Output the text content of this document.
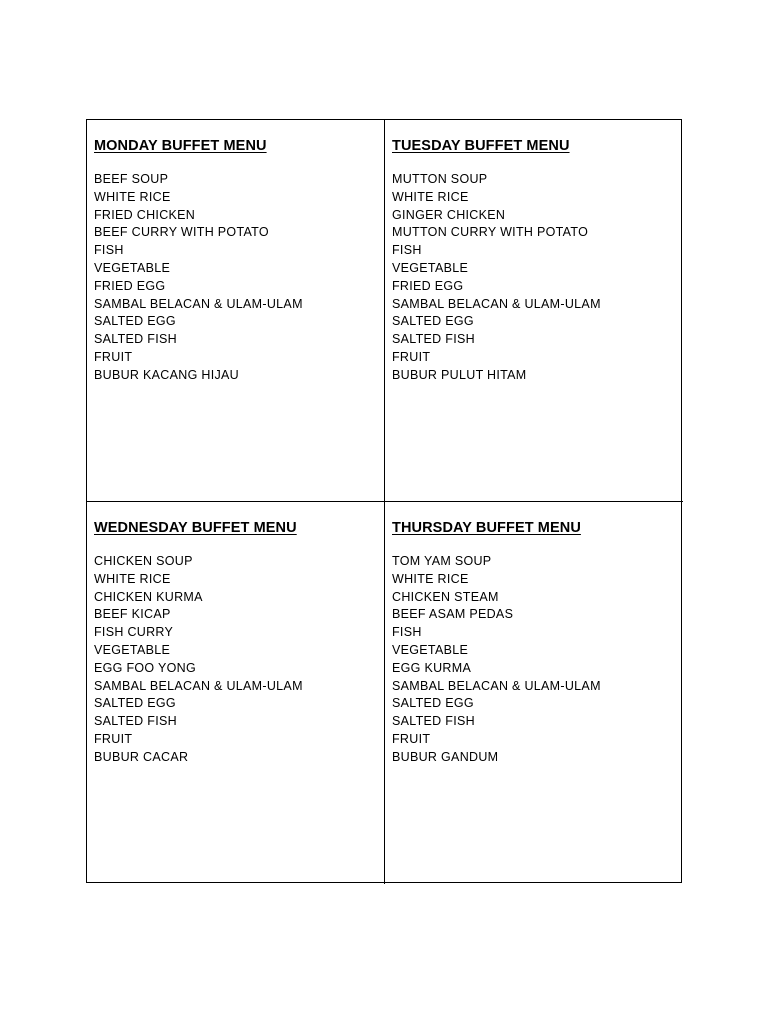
MONDAY BUFFET MENU
BEEF SOUP
WHITE RICE
FRIED CHICKEN
BEEF CURRY WITH POTATO
FISH
VEGETABLE
FRIED EGG
SAMBAL BELACAN & ULAM-ULAM
SALTED EGG
SALTED FISH
FRUIT
BUBUR KACANG HIJAU
TUESDAY BUFFET MENU
MUTTON SOUP
WHITE RICE
GINGER CHICKEN
MUTTON CURRY WITH POTATO
FISH
VEGETABLE
FRIED EGG
SAMBAL BELACAN & ULAM-ULAM
SALTED EGG
SALTED FISH
FRUIT
BUBUR PULUT HITAM
WEDNESDAY BUFFET MENU
CHICKEN SOUP
WHITE RICE
CHICKEN KURMA
BEEF KICAP
FISH CURRY
VEGETABLE
EGG FOO YONG
SAMBAL BELACAN & ULAM-ULAM
SALTED EGG
SALTED FISH
FRUIT
BUBUR CACAR
THURSDAY BUFFET MENU
TOM YAM SOUP
WHITE RICE
CHICKEN STEAM
BEEF ASAM PEDAS
FISH
VEGETABLE
EGG KURMA
SAMBAL BELACAN & ULAM-ULAM
SALTED EGG
SALTED FISH
FRUIT
BUBUR GANDUM
